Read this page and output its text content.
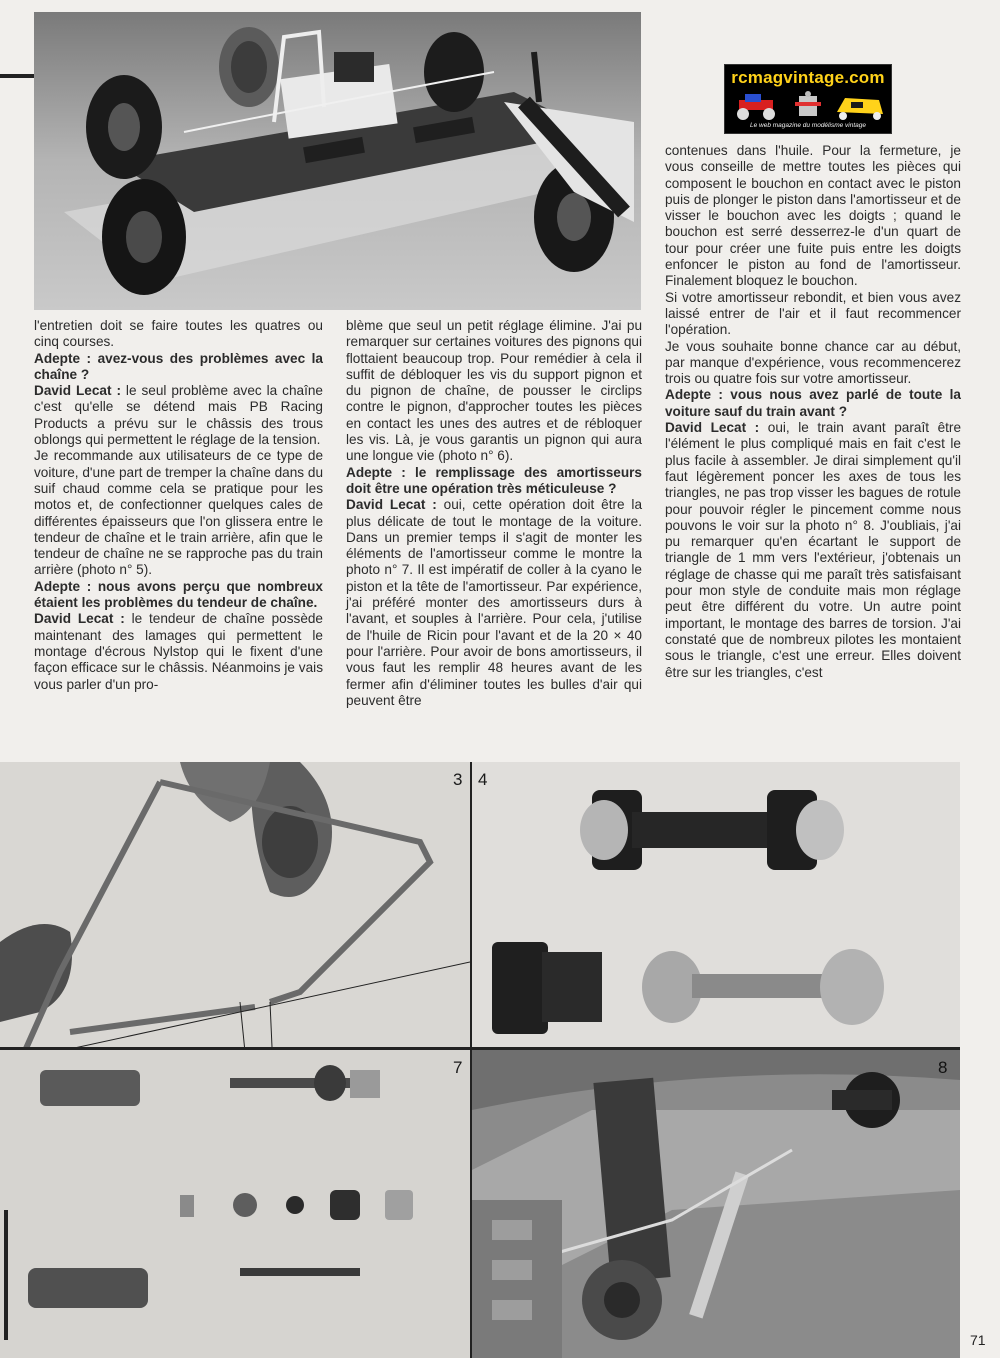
rcmagvintage.com
Le web magazine du modélisme vintage

l'entretien doit se faire toutes les quatres ou cinq courses.

Adepte : avez-vous des problèmes avec la chaîne ?

David Lecat : le seul problème avec la chaîne c'est qu'elle se détend mais PB Racing Products a prévu sur le châssis des trous oblongs qui permettent le réglage de la tension.

Je recommande aux utilisateurs de ce type de voiture, d'une part de tremper la chaîne dans du suif chaud comme cela se pratique pour les motos et, de confectionner quelques cales de différentes épaisseurs que l'on glissera entre le tendeur de chaîne et le train arrière, afin que le tendeur de chaîne ne se rapproche pas du train arrière (photo n° 5).

Adepte : nous avons perçu que nombreux étaient les problèmes du tendeur de chaîne.

David Lecat : le tendeur de chaîne possède maintenant des lamages qui permettent le montage d'écrous Nylstop qui le fixent d'une façon efficace sur le châssis. Néanmoins je vais vous parler d'un pro-

blème que seul un petit réglage élimine. J'ai pu remarquer sur certaines voitures des pignons qui flottaient beaucoup trop. Pour remédier à cela il suffit de débloquer les vis du support pignon et du pignon de chaîne, de pousser le circlips contre le pignon, d'approcher toutes les pièces en contact les unes des autres et de rébloquer les vis. Là, je vous garantis un pignon qui aura une longue vie (photo n° 6).

Adepte : le remplissage des amortisseurs doit être une opération très méticuleuse ?

David Lecat : oui, cette opération doit être la plus délicate de tout le montage de la voiture. Dans un premier temps il s'agit de monter les éléments de l'amortisseur comme le montre la photo n° 7. Il est impératif de coller à la cyano le piston et la tête de l'amortisseur. Par expérience, j'ai préféré monter des amortisseurs durs à l'avant, et souples à l'arrière. Pour cela, j'utilise de l'huile de Ricin pour l'avant et de la 20 × 40 pour l'arrière. Pour avoir de bons amortisseurs, il vous faut les remplir 48 heures avant de les fermer afin d'éliminer toutes les bulles d'air qui peuvent être

contenues dans l'huile. Pour la fermeture, je vous conseille de mettre toutes les pièces qui composent le bouchon en contact avec le piston puis de plonger le piston dans l'amortisseur et de visser le bouchon avec les doigts ; quand le bouchon est serré desserrez-le d'un quart de tour pour créer une fuite puis entre les doigts enfoncer le piston au fond de l'amortisseur. Finalement bloquez le bouchon.

Si votre amortisseur rebondit, et bien vous avez laissé entrer de l'air et il faut recommencer l'opération.

Je vous souhaite bonne chance car au début, par manque d'expérience, vous recommencerez trois ou quatre fois sur votre amortisseur.

Adepte : vous nous avez parlé de toute la voiture sauf du train avant ?

David Lecat : oui, le train avant paraît être l'élément le plus compliqué mais en fait c'est le plus facile à assembler. Je dirai simplement qu'il faut légèrement poncer les axes de tous les triangles, ne pas trop visser les bagues de rotule pour pouvoir régler le pincement comme nous pouvons le voir sur la photo n° 8. J'oubliais, j'ai pu remarquer qu'en écartant le support de triangle de 1 mm vers l'extérieur, j'obtenais un réglage de chasse qui me paraît très satisfaisant pour mon style de conduite mais mon réglage peut être différent du votre. Un autre point important, le montage des barres de torsion. J'ai constaté que de nombreux pilotes les montaient sous le triangle, c'est une erreur. Elles doivent être sur les triangles, c'est

3 4
7	8
71
